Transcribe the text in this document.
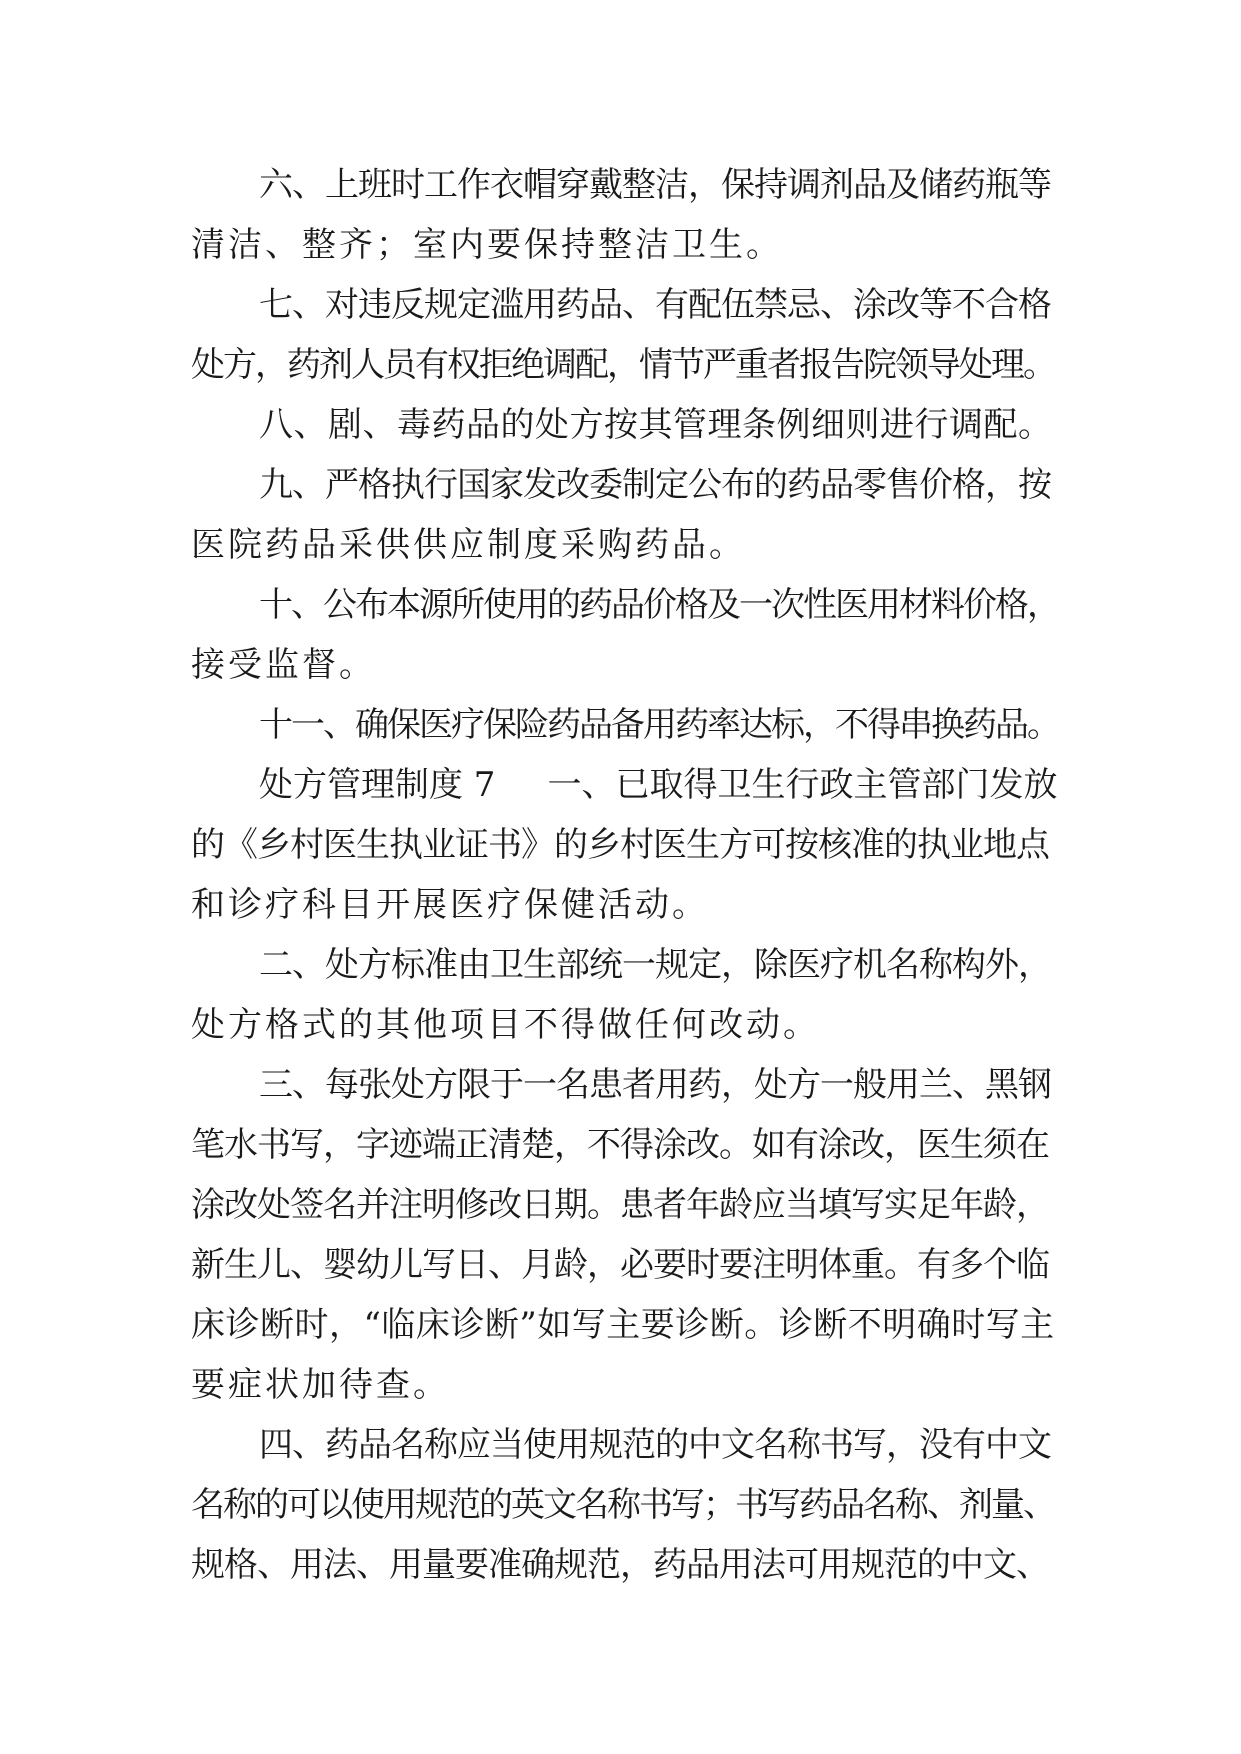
六、上班时工作衣帽穿戴整洁，保持调剂品及储药瓶等
清洁、整齐；室内要保持整洁卫生。

七、对违反规定滥用药品、有配伍禁忌、涂改等不合格
处方，药剂人员有权拒绝调配，情节严重者报告院领导处理。

八、剧、毒药品的处方按其管理条例细则进行调配。

九、严格执行国家发改委制定公布的药品零售价格，按
医院药品采供供应制度采购药品。

十、公布本源所使用的药品价格及一次性医用材料价格，
接受监督。

十一、确保医疗保险药品备用药率达标，不得串换药品。

处方管理制度 7 一、已取得卫生行政主管部门发放
的《乡村医生执业证书》的乡村医生方可按核准的执业地点
和诊疗科目开展医疗保健活动。

二、处方标准由卫生部统一规定，除医疗机名称构外，
处方格式的其他项目不得做任何改动。

三、每张处方限于一名患者用药，处方一般用兰、黑钢
笔水书写，字迹端正清楚，不得涂改。如有涂改，医生须在
涂改处签名并注明修改日期。患者年龄应当填写实足年龄，
新生儿、婴幼儿写日、月龄，必要时要注明体重。有多个临
床诊断时，“临床诊断”如写主要诊断。诊断不明确时写主
要症状加待查。

四、药品名称应当使用规范的中文名称书写，没有中文
名称的可以使用规范的英文名称书写；书写药品名称、剂量、
规格、用法、用量要准确规范，药品用法可用规范的中文、
